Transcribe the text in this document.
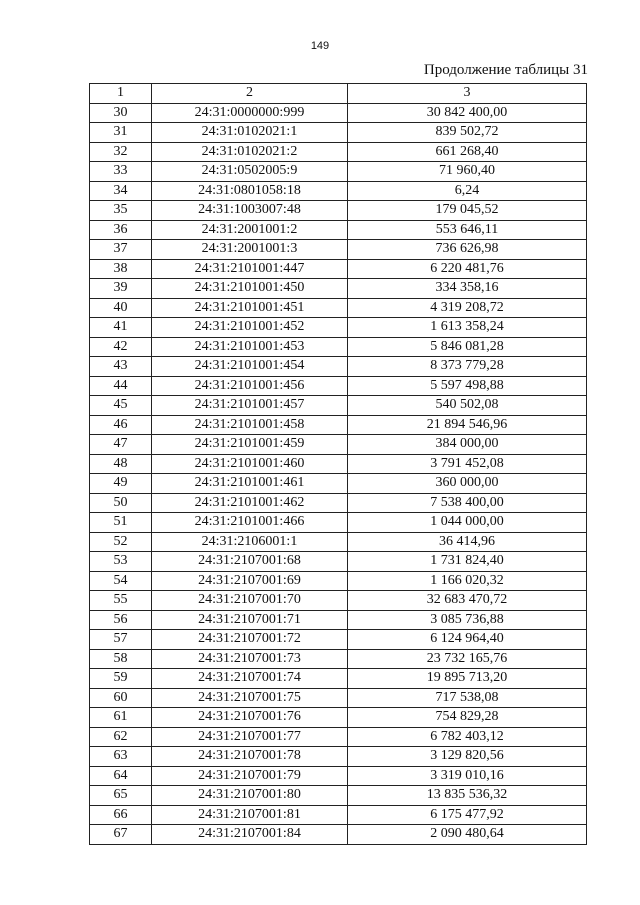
149
Продолжение таблицы 31
1	2	3
30	24:31:0000000:999	30 842 400,00
31	24:31:0102021:1	839 502,72
32	24:31:0102021:2	661 268,40
33	24:31:0502005:9	71 960,40
34	24:31:0801058:18	6,24
35	24:31:1003007:48	179 045,52
36	24:31:2001001:2	553 646,11
37	24:31:2001001:3	736 626,98
38	24:31:2101001:447	6 220 481,76
39	24:31:2101001:450	334 358,16
40	24:31:2101001:451	4 319 208,72
41	24:31:2101001:452	1 613 358,24
42	24:31:2101001:453	5 846 081,28
43	24:31:2101001:454	8 373 779,28
44	24:31:2101001:456	5 597 498,88
45	24:31:2101001:457	540 502,08
46	24:31:2101001:458	21 894 546,96
47	24:31:2101001:459	384 000,00
48	24:31:2101001:460	3 791 452,08
49	24:31:2101001:461	360 000,00
50	24:31:2101001:462	7 538 400,00
51	24:31:2101001:466	1 044 000,00
52	24:31:2106001:1	36 414,96
53	24:31:2107001:68	1 731 824,40
54	24:31:2107001:69	1 166 020,32
55	24:31:2107001:70	32 683 470,72
56	24:31:2107001:71	3 085 736,88
57	24:31:2107001:72	6 124 964,40
58	24:31:2107001:73	23 732 165,76
59	24:31:2107001:74	19 895 713,20
60	24:31:2107001:75	717 538,08
61	24:31:2107001:76	754 829,28
62	24:31:2107001:77	6 782 403,12
63	24:31:2107001:78	3 129 820,56
64	24:31:2107001:79	3 319 010,16
65	24:31:2107001:80	13 835 536,32
66	24:31:2107001:81	6 175 477,92
67	24:31:2107001:84	2 090 480,64
